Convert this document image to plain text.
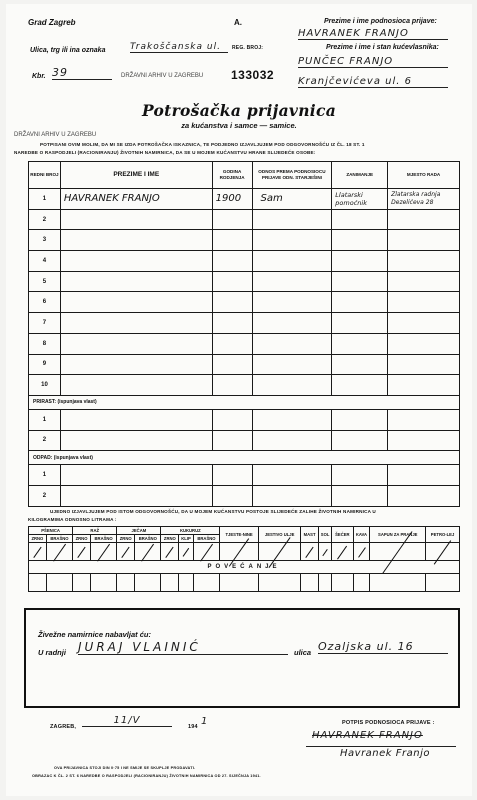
Grad Zagreb	A.
REG. BROJ:
Ulica, trg ili ina oznaka	Trakoščanska ul.
Kbr. 39	DRŽAVNI ARHIV U ZAGREBU 133032
Prezime i ime podnosioca prijave:
HAVRANEK FRANJO
Prezime i ime i stan kućevlasnika:
PUNČEC FRANJO
Kranjčevićeva ul. 6
Potrošačka prijavnica
za kućanstva i samce — samice.
DRŽAVNI ARHIV U ZAGREBU
POTPISANI OVIM MOLIM, DA MI SE IZDA POTROŠAČKA ISKAZNICA, TE PODJEDNO IZJAVLJUJEM POD ODGOVORNOŠĆU IZ ČL. 18 ST. 1
NAREDBE O RASPODJELI (RACIONIRANJU) ŽIVOTNIH NAMIRNICA, DA SE U MOJEM KUĆANSTVU HRANE SLIJEDEĆE OSOBE:
REDNI BROJ	PREZIME I IME	GODINA RODJENJA	ODNOS PREMA PODNOSIOCU PRIJAVE ODN. STARJEŠINI	ZANIMANJE	MJESTO RADA
1	HAVRANEK FRANJO	1900	Sam	Llatarski pomoćnik	Zlatarska radnja Dezelićeva 28
2					
3					
4					
5					
6					
7					
8					
9					
10					
PRIRAST: (ispunjava vlast)					
1					
2					
ODPAD: (ispunjava vlast)					
1					
2					
UJEDNO IZJAVLJUJEM POD ISTOM ODGOVORNOŠĆU, DA U MOJEM KUĆANSTVU POSTOJE SLIJEDEĆE ZALIHE ŽIVOTNIH NAMIRNICA U
KILOGRAMIMA ODNOSNO LITRAMA :
PŠENICA		RAŽ		JEČAM		KUKURUZ			TJESTE-NINE	JESTIVO ULJE	MAST	SOL	ŠEĆER	KAVA	SAPUN ZA PRANJE	PETRO-LEJ
ZRNO	BRAŠNO	ZRNO	BRAŠNO	ZRNO	BRAŠNO	ZRNO	KLIP	BRAŠNO								

POVEĆANJE																

Živežne namirnice nabavljat ću:
U radnji JURAJ VLAINIĆ	ulica Ozaljska ul. 16
ZAGREB,
11/V
194 1	POTPIS PODNOSIOCA PRIJAVE :
HAVRANEK FRANJO
Havranek Franjo
OVA PRIJAVNICA STOJI DIN 0·75 I NE SMIJE SE SKUPLJE PRODAVATI.
OBRAZAC K ČL. 2 ST. 6 NAREDBE O RASPODJELI (RACIONIRANJU) ŽIVOTNIH NAMIRNICA OD 27. SIJEČNJA 1941.
